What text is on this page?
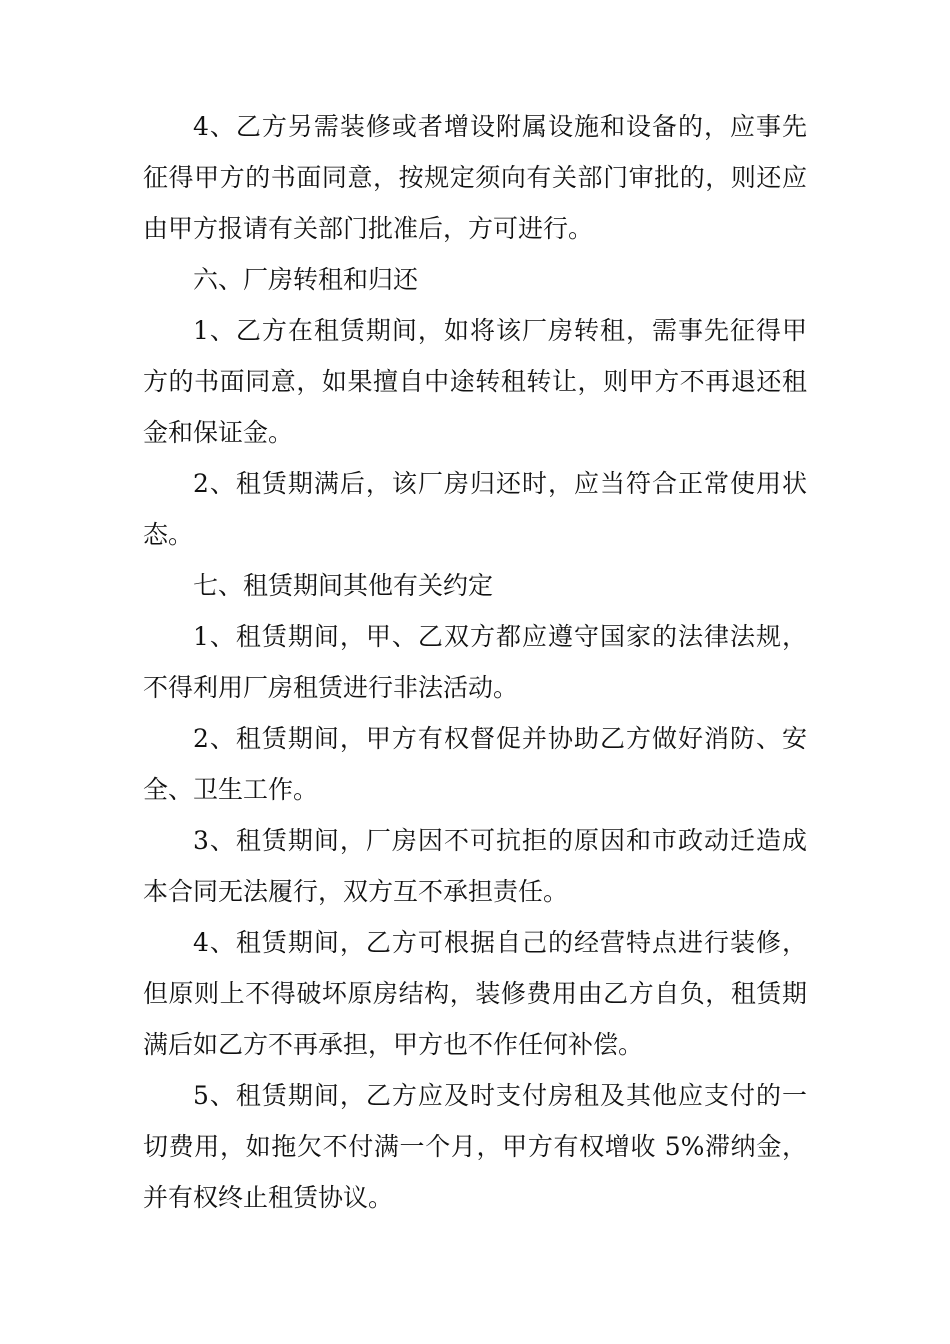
4、乙方另需装修或者增设附属设施和设备的，应事先征得甲方的书面同意，按规定须向有关部门审批的，则还应由甲方报请有关部门批准后，方可进行。

六、厂房转租和归还

1、乙方在租赁期间，如将该厂房转租，需事先征得甲方的书面同意，如果擅自中途转租转让，则甲方不再退还租金和保证金。

2、租赁期满后，该厂房归还时，应当符合正常使用状态。

七、租赁期间其他有关约定

1、租赁期间，甲、乙双方都应遵守国家的法律法规，不得利用厂房租赁进行非法活动。

2、租赁期间，甲方有权督促并协助乙方做好消防、安全、卫生工作。

3、租赁期间，厂房因不可抗拒的原因和市政动迁造成本合同无法履行，双方互不承担责任。

4、租赁期间，乙方可根据自己的经营特点进行装修，但原则上不得破坏原房结构，装修费用由乙方自负，租赁期满后如乙方不再承担，甲方也不作任何补偿。

5、租赁期间，乙方应及时支付房租及其他应支付的一切费用，如拖欠不付满一个月，甲方有权增收 5%滞纳金，并有权终止租赁协议。
